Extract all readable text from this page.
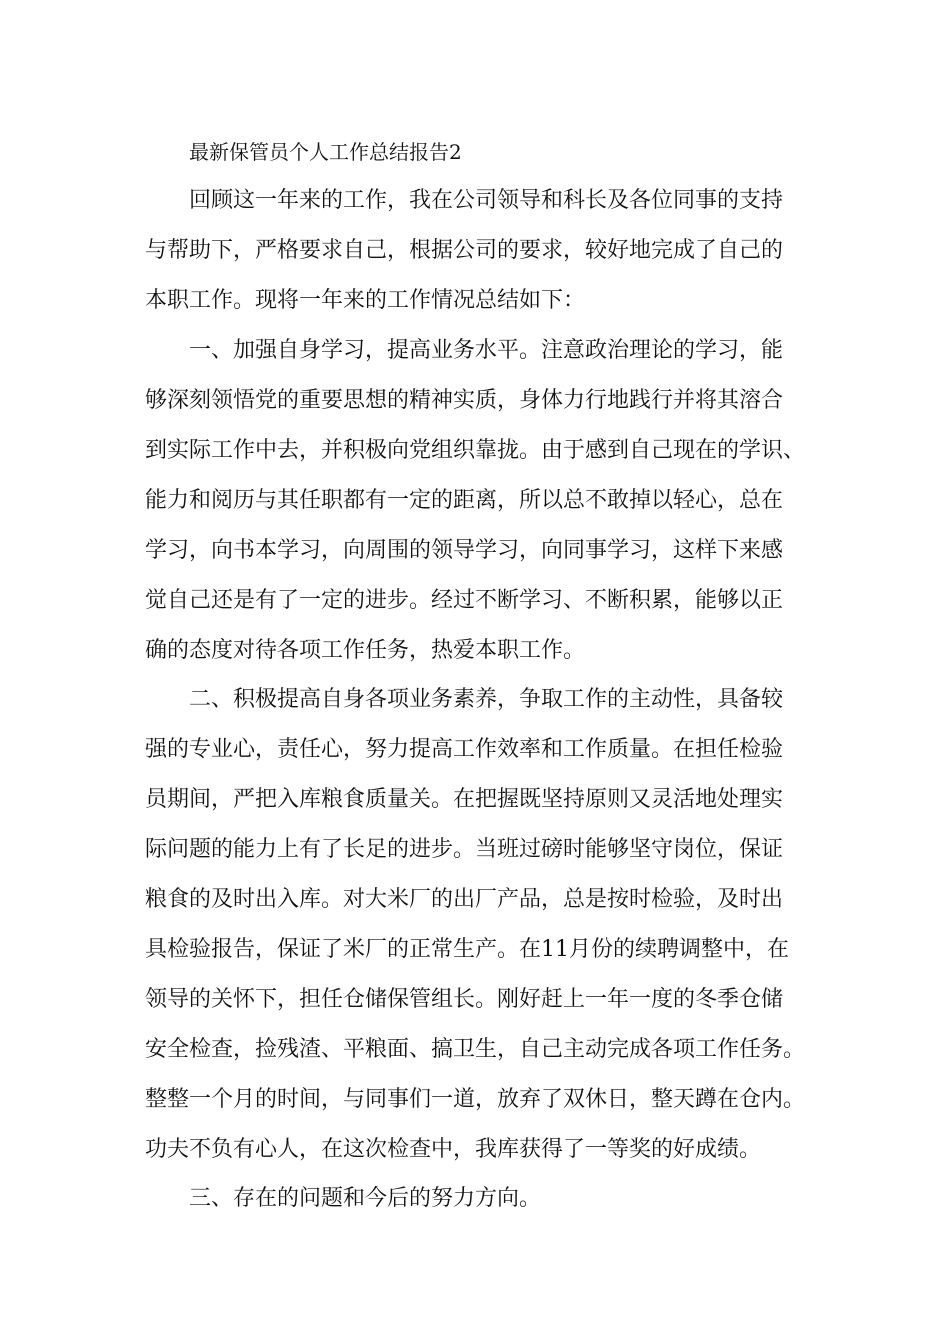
最新保管员个人工作总结报告2

回顾这一年来的工作，我在公司领导和科长及各位同事的支持

与帮助下，严格要求自己，根据公司的要求，较好地完成了自己的

本职工作。现将一年来的工作情况总结如下：

一、加强自身学习，提高业务水平。注意政治理论的学习，能

够深刻领悟党的重要思想的精神实质，身体力行地践行并将其溶合

到实际工作中去，并积极向党组织靠拢。由于感到自己现在的学识、

能力和阅历与其任职都有一定的距离，所以总不敢掉以轻心，总在

学习，向书本学习，向周围的领导学习，向同事学习，这样下来感

觉自己还是有了一定的进步。经过不断学习、不断积累，能够以正

确的态度对待各项工作任务，热爱本职工作。

二、积极提高自身各项业务素养，争取工作的主动性，具备较

强的专业心，责任心，努力提高工作效率和工作质量。在担任检验

员期间，严把入库粮食质量关。在把握既坚持原则又灵活地处理实

际问题的能力上有了长足的进步。当班过磅时能够坚守岗位，保证

粮食的及时出入库。对大米厂的出厂产品，总是按时检验，及时出

具检验报告，保证了米厂的正常生产。在11月份的续聘调整中，在

领导的关怀下，担任仓储保管组长。刚好赶上一年一度的冬季仓储

安全检查，捡残渣、平粮面、搞卫生，自己主动完成各项工作任务。

整整一个月的时间，与同事们一道，放弃了双休日，整天蹲在仓内。

功夫不负有心人，在这次检查中，我库获得了一等奖的好成绩。

三、存在的问题和今后的努力方向。
